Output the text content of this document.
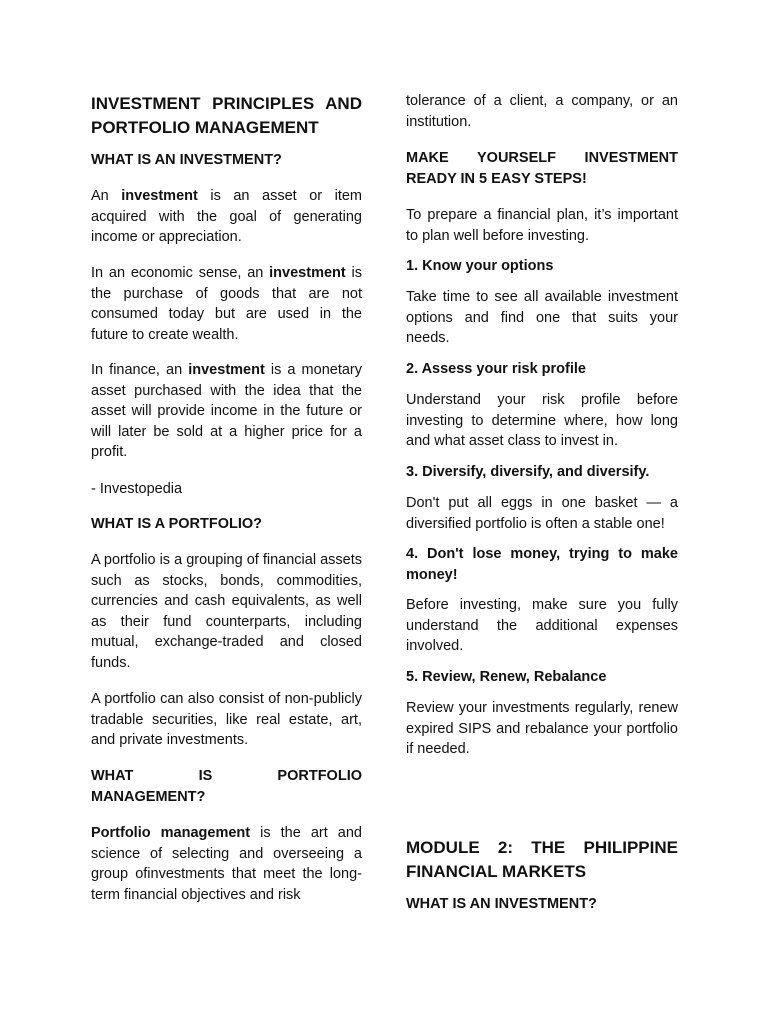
INVESTMENT PRINCIPLES AND PORTFOLIO MANAGEMENT
WHAT IS AN INVESTMENT?

An investment is an asset or item acquired with the goal of generating income or appreciation.

In an economic sense, an investment is the purchase of goods that are not consumed today but are used in the future to create wealth.

In finance, an investment is a monetary asset purchased with the idea that the asset will provide income in the future or will later be sold at a higher price for a profit.

- Investopedia

WHAT IS A PORTFOLIO?

A portfolio is a grouping of financial assets such as stocks, bonds, commodities, currencies and cash equivalents, as well as their fund counterparts, including mutual, exchange-traded and closed funds.

A portfolio can also consist of non-publicly tradable securities, like real estate, art, and private investments.

WHAT IS PORTFOLIO
MANAGEMENT?

Portfolio management is the art and science of selecting and overseeing a group ofinvestments that meet the long-term financial objectives and risk

tolerance of a client, a company, or an institution.

MAKE YOURSELF INVESTMENT READY IN 5 EASY STEPS!

To prepare a financial plan, it’s important to plan well before investing.

1. Know your options

Take time to see all available investment options and find one that suits your needs.

2. Assess your risk profile

Understand your risk profile before investing to determine where, how long and what asset class to invest in.

3. Diversify, diversify, and diversify.

Don't put all eggs in one basket — a diversified portfolio is often a stable one!

4. Don't lose money, trying to make money!

Before investing, make sure you fully understand the additional expenses involved.

5. Review, Renew, Rebalance

Review your investments regularly, renew expired SIPS and rebalance your portfolio if needed.

MODULE 2: THE PHILIPPINE FINANCIAL MARKETS
WHAT IS AN INVESTMENT?
